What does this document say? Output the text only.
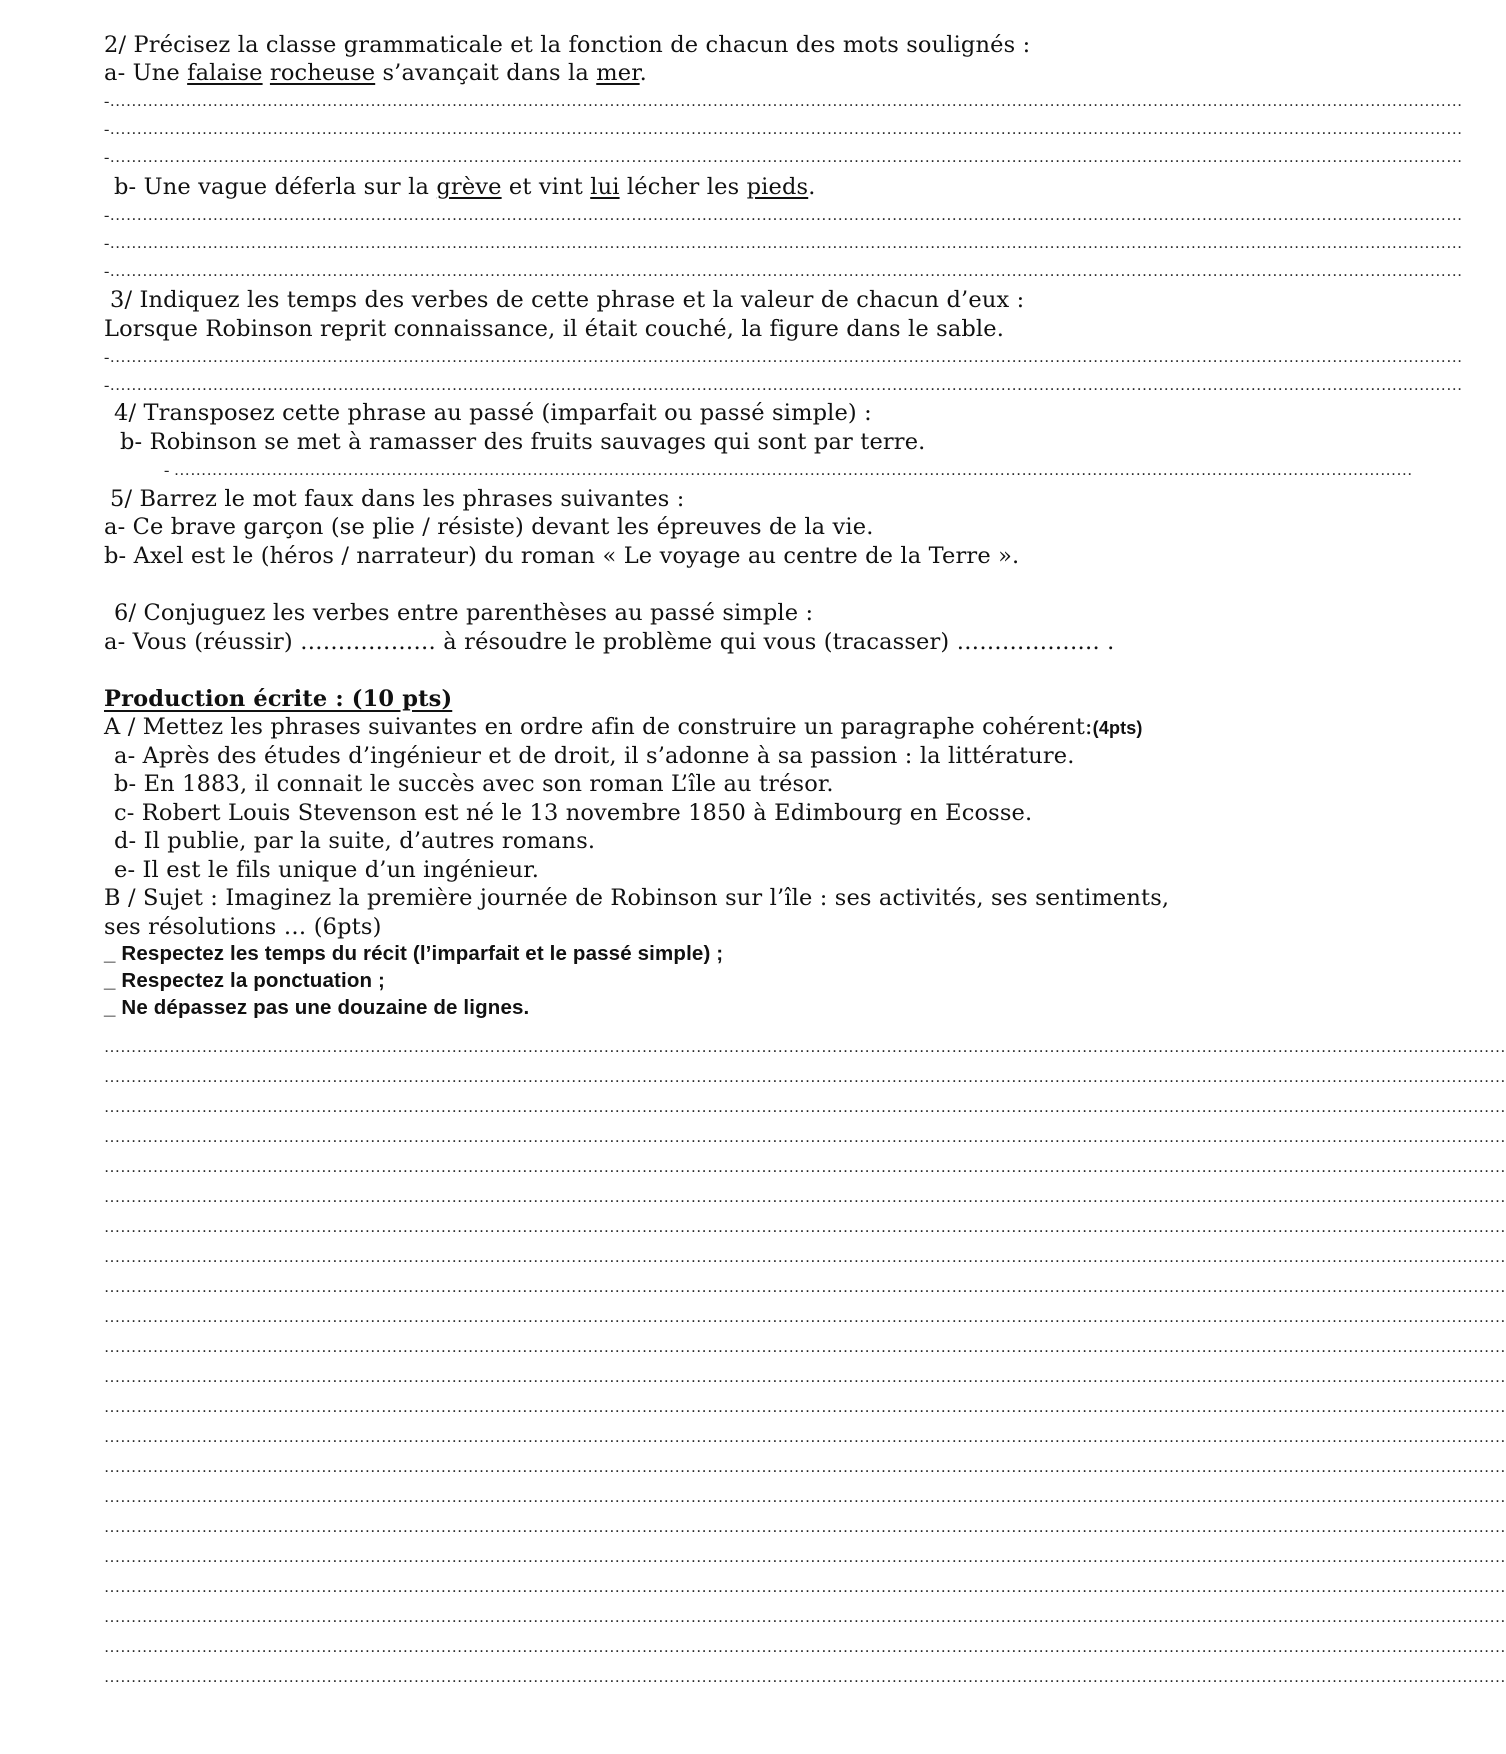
2/ Précisez la classe grammaticale et la fonction de chacun des mots soulignés :
a- Une falaise rocheuse s’avançait dans la mer.
-……………………………………………………………………………………………………………………………………………………………………………………………………………………………
-……………………………………………………………………………………………………………………………………………………………………………………………………………………………
-……………………………………………………………………………………………………………………………………………………………………………………………………………………………
b- Une vague déferla sur la grève et vint lui lécher les pieds.
-……………………………………………………………………………………………………………………………………………………………………………………………………………………………
-……………………………………………………………………………………………………………………………………………………………………………………………………………………………
-……………………………………………………………………………………………………………………………………………………………………………………………………………………………
3/ Indiquez les temps des verbes de cette phrase et la valeur de chacun d’eux :
Lorsque Robinson reprit connaissance, il était couché, la figure dans le sable.
-……………………………………………………………………………………………………………………………………………………………………………………………………………………………
-……………………………………………………………………………………………………………………………………………………………………………………………………………………………
4/ Transposez cette phrase au passé (imparfait ou passé simple) :
b- Robinson se met à ramasser des fruits sauvages qui sont par terre.
- …………………………………………………………………………………………………………………………………………………………………………………………………………
5/ Barrez le mot faux dans les phrases suivantes :
a- Ce brave garçon (se plie / résiste) devant les épreuves de la vie.
b- Axel est le (héros / narrateur) du roman « Le voyage au centre de la Terre ».
6/ Conjuguez les verbes entre parenthèses au passé simple :
a- Vous (réussir) ……………… à résoudre le problème qui vous (tracasser) ………………. .
Production écrite : (10 pts)
A / Mettez les phrases suivantes en ordre afin de construire un paragraphe cohérent:(4pts)
a- Après des études d’ingénieur et de droit, il s’adonne à sa passion : la littérature.
b- En 1883, il connait le succès avec son roman L’île au trésor.
c- Robert Louis Stevenson est né le 13 novembre 1850 à Edimbourg en Ecosse.
d- Il publie, par la suite, d’autres romans.
e- Il est le fils unique d’un ingénieur.
B / Sujet : Imaginez la première journée de Robinson sur l’île : ses activités, ses sentiments,
ses résolutions … (6pts)
_ Respectez les temps du récit (l’imparfait et le passé simple) ;
_ Respectez la ponctuation ;
_ Ne dépassez pas une douzaine de lignes.
……………………………………………………………………………………………………………………………………………………………………………………………………………………………………
……………………………………………………………………………………………………………………………………………………………………………………………………………………………………
……………………………………………………………………………………………………………………………………………………………………………………………………………………………………
……………………………………………………………………………………………………………………………………………………………………………………………………………………………………
……………………………………………………………………………………………………………………………………………………………………………………………………………………………………
……………………………………………………………………………………………………………………………………………………………………………………………………………………………………
……………………………………………………………………………………………………………………………………………………………………………………………………………………………………
……………………………………………………………………………………………………………………………………………………………………………………………………………………………………
……………………………………………………………………………………………………………………………………………………………………………………………………………………………………
……………………………………………………………………………………………………………………………………………………………………………………………………………………………………
……………………………………………………………………………………………………………………………………………………………………………………………………………………………………
……………………………………………………………………………………………………………………………………………………………………………………………………………………………………
……………………………………………………………………………………………………………………………………………………………………………………………………………………………………
……………………………………………………………………………………………………………………………………………………………………………………………………………………………………
……………………………………………………………………………………………………………………………………………………………………………………………………………………………………
……………………………………………………………………………………………………………………………………………………………………………………………………………………………………
……………………………………………………………………………………………………………………………………………………………………………………………………………………………………
……………………………………………………………………………………………………………………………………………………………………………………………………………………………………
……………………………………………………………………………………………………………………………………………………………………………………………………………………………………
……………………………………………………………………………………………………………………………………………………………………………………………………………………………………
……………………………………………………………………………………………………………………………………………………………………………………………………………………………………
……………………………………………………………………………………………………………………………………………………………………………………………………………………………………
